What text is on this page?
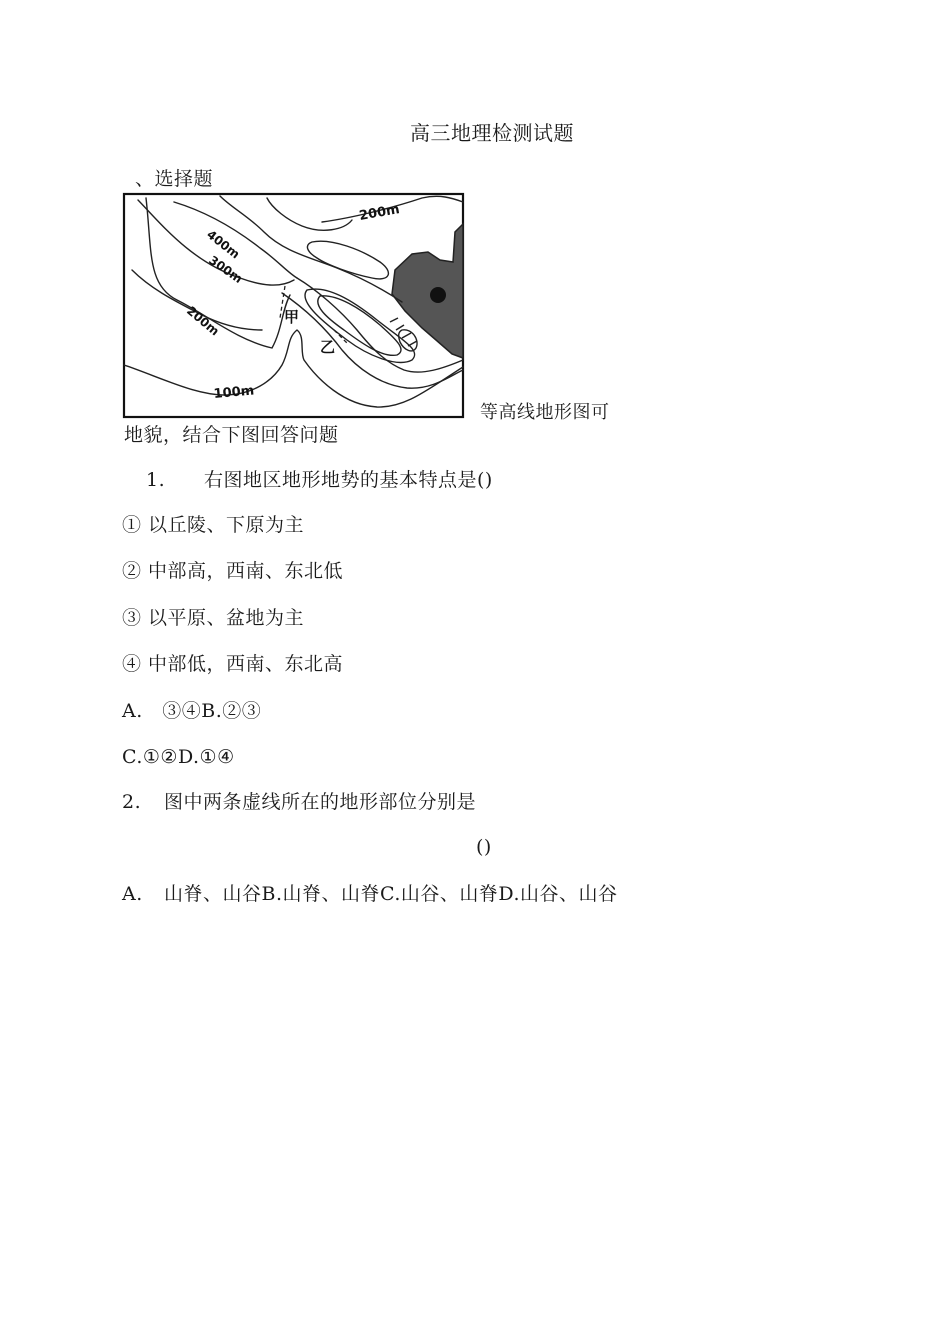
高三地理检测试题
、选择题
200m
400m
300m
200m
100m
甲
乙
等高线地形图可
地貌，结合下图回答问题
1. 右图地区地形地势的基本特点是()
① 以丘陵、下原为主
② 中部高，西南、东北低
③ 以平原、盆地为主
④ 中部低，西南、东北高
A.　③④B.②③
C.①②D.①④
2. 图中两条虚线所在的地形部位分别是
()
A. 山脊、山谷B.山脊、山脊C.山谷、山脊D.山谷、山谷
